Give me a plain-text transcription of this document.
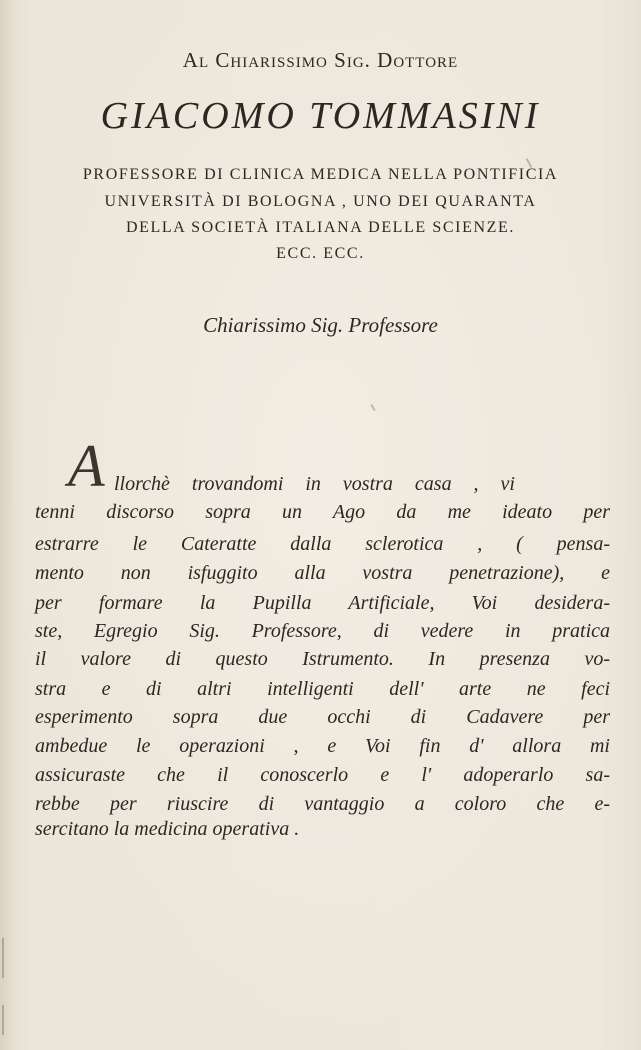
Al Chiarissimo Sig. Dottore
GIACOMO TOMMASINI
PROFESSORE DI CLINICA MEDICA NELLA PONTIFICIA
UNIVERSITÀ DI BOLOGNA , UNO DEI QUARANTA
DELLA SOCIETÀ ITALIANA DELLE SCIENZE.
ECC. ECC.
Chiarissimo Sig. Professore
A llorchè trovandomi in vostra casa , vi
tenni discorso sopra un Ago da me ideato per
estrarre le Cateratte dalla sclerotica , ( pensa-
mento non isfuggito alla vostra penetrazione), e
per formare la Pupilla Artificiale, Voi desidera-
ste, Egregio Sig. Professore, di vedere in pratica
il valore di questo Istrumento. In presenza vo-
stra e di altri intelligenti dell' arte ne feci
esperimento sopra due occhi di Cadavere per
ambedue le operazioni , e Voi fin d' allora mi
assicuraste che il conoscerlo e l' adoperarlo sa-
rebbe per riuscire di vantaggio a coloro che e-
sercitano la medicina operativa .
